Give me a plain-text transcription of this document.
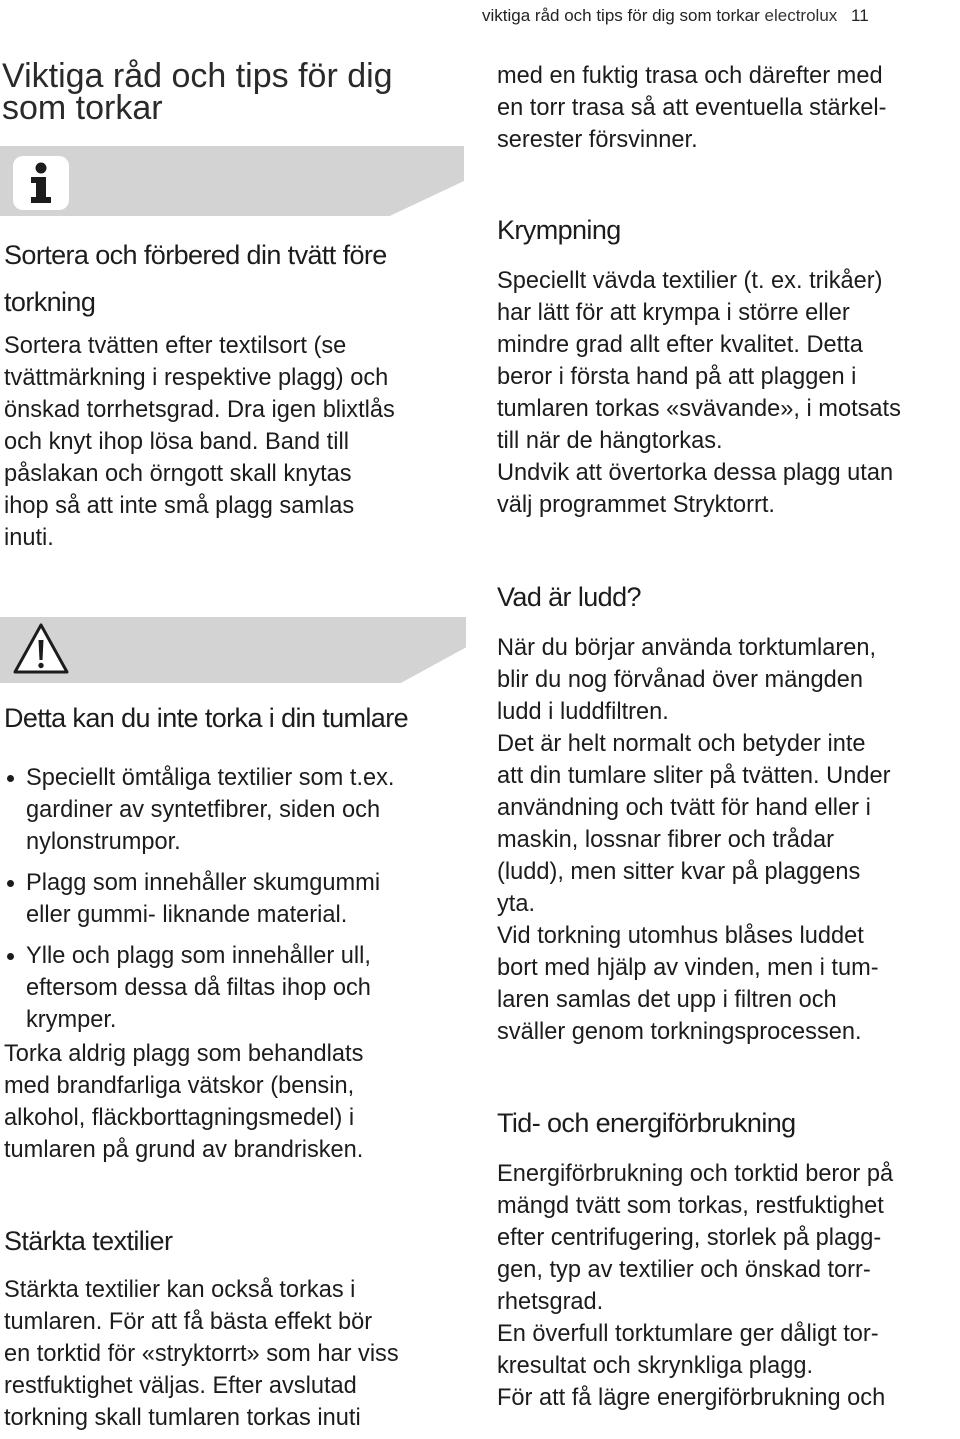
viktiga råd och tips för dig som torkar electrolux 11
Viktiga råd och tips för dig
som torkar
Sortera och förbered din tvätt före
torkning

Sortera tvätten efter textilsort (se
tvättmärkning i respektive plagg) och
önskad torrhetsgrad. Dra igen blixtlås
och knyt ihop lösa band. Band till
påslakan och örngott skall knytas
ihop så att inte små plagg samlas
inuti.

Detta kan du inte torka i din tumlare
Speciellt ömtåliga textilier som t.ex.
gardiner av syntetfibrer, siden och
nylonstrumpor.
Plagg som innehåller skumgummi
eller gummi- liknande material.
Ylle och plagg som innehåller ull,
eftersom dessa då filtas ihop och
krymper.

Torka aldrig plagg som behandlats
med brandfarliga vätskor (bensin,
alkohol, fläckborttagningsmedel) i
tumlaren på grund av brandrisken.

Stärkta textilier

Stärkta textilier kan också torkas i
tumlaren. För att få bästa effekt bör
en torktid för «stryktorrt» som har viss
restfuktighet väljas. Efter avslutad
torkning skall tumlaren torkas inuti

med en fuktig trasa och därefter med
en torr trasa så att eventuella stärkel-
serester försvinner.

Krympning

Speciellt vävda textilier (t. ex. trikåer)
har lätt för att krympa i större eller
mindre grad allt efter kvalitet. Detta
beror i första hand på att plaggen i
tumlaren torkas «svävande», i motsats
till när de hängtorkas.
Undvik att övertorka dessa plagg utan
välj programmet Stryktorrt.

Vad är ludd?

När du börjar använda torktumlaren,
blir du nog förvånad över mängden
ludd i luddfiltren.
Det är helt normalt och betyder inte
att din tumlare sliter på tvätten. Under
användning och tvätt för hand eller i
maskin, lossnar fibrer och trådar
(ludd), men sitter kvar på plaggens
yta.
Vid torkning utomhus blåses luddet
bort med hjälp av vinden, men i tum-
laren samlas det upp i filtren och
sväller genom torkningsprocessen.

Tid- och energiförbrukning

Energiförbrukning och torktid beror på
mängd tvätt som torkas, restfuktighet
efter centrifugering, storlek på plagg-
gen, typ av textilier och önskad torr-
rhetsgrad.
En överfull torktumlare ger dåligt tor-
kresultat och skrynkliga plagg.
För att få lägre energiförbrukning och
